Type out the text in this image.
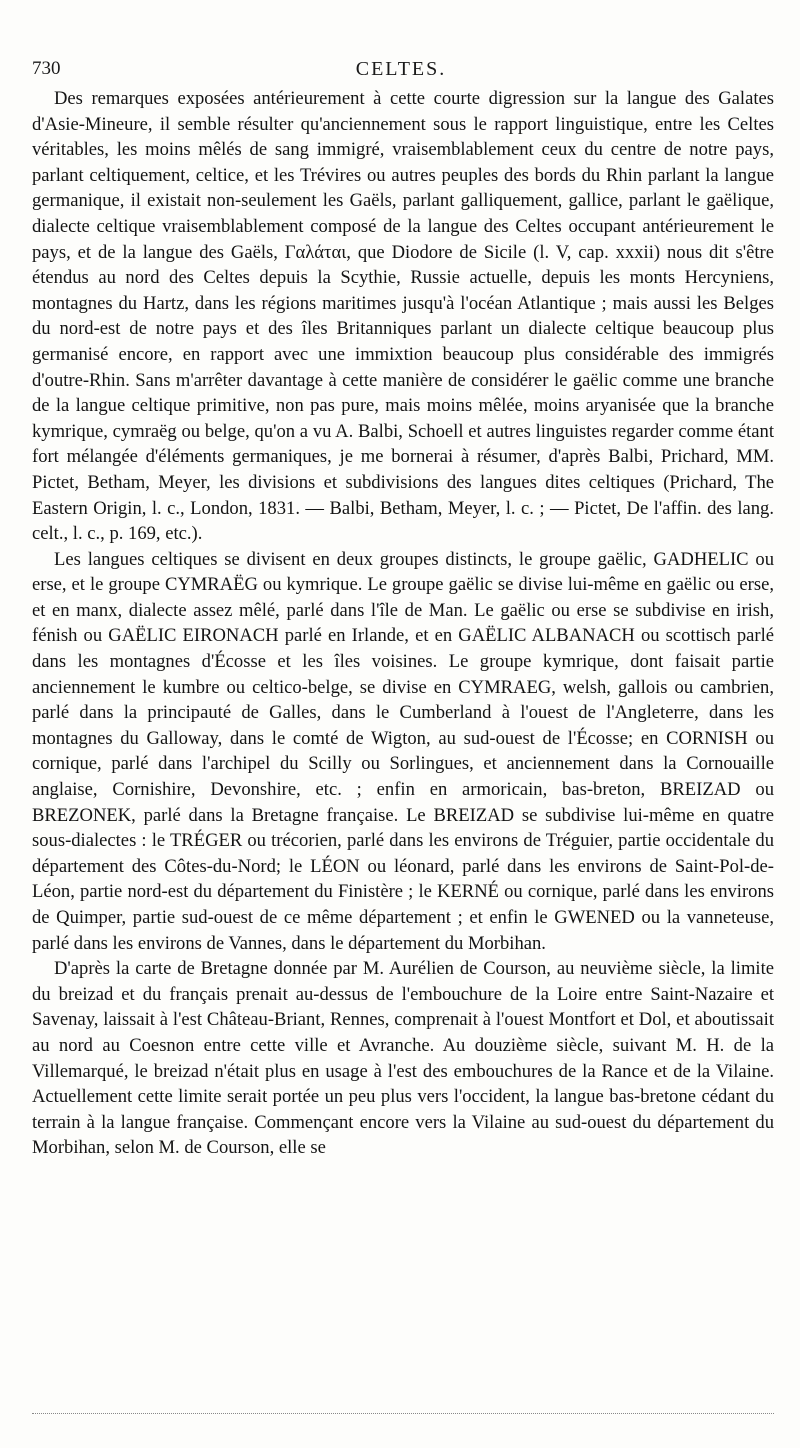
730	CELTES.

Des remarques exposées antérieurement à cette courte digression sur la langue des Galates d'Asie-Mineure, il semble résulter qu'anciennement sous le rapport linguistique, entre les Celtes véritables, les moins mêlés de sang immigré, vraisemblablement ceux du centre de notre pays, parlant celtiquement, celtice, et les Trévires ou autres peuples des bords du Rhin parlant la langue germanique, il existait non-seulement les Gaëls, parlant galliquement, gallice, parlant le gaëlique, dialecte celtique vraisemblablement composé de la langue des Celtes occupant antérieurement le pays, et de la langue des Gaëls, Γαλάται, que Diodore de Sicile (l. V, cap. xxxii) nous dit s'être étendus au nord des Celtes depuis la Scythie, Russie actuelle, depuis les monts Hercyniens, montagnes du Hartz, dans les régions maritimes jusqu'à l'océan Atlantique ; mais aussi les Belges du nord-est de notre pays et des îles Britanniques parlant un dialecte celtique beaucoup plus germanisé encore, en rapport avec une immixtion beaucoup plus considérable des immigrés d'outre-Rhin. Sans m'arrêter davantage à cette manière de considérer le gaëlic comme une branche de la langue celtique primitive, non pas pure, mais moins mêlée, moins aryanisée que la branche kymrique, cymraëg ou belge, qu'on a vu A. Balbi, Schoell et autres linguistes regarder comme étant fort mélangée d'éléments germaniques, je me bornerai à résumer, d'après Balbi, Prichard, MM. Pictet, Betham, Meyer, les divisions et subdivisions des langues dites celtiques (Prichard, The Eastern Origin, l. c., London, 1831. — Balbi, Betham, Meyer, l. c. ; — Pictet, De l'affin. des lang. celt., l. c., p. 169, etc.).

Les langues celtiques se divisent en deux groupes distincts, le groupe gaëlic, GADHELIC ou erse, et le groupe CYMRAËG ou kymrique. Le groupe gaëlic se divise lui-même en gaëlic ou erse, et en manx, dialecte assez mêlé, parlé dans l'île de Man. Le gaëlic ou erse se subdivise en irish, fénish ou GAËLIC EIRONACH parlé en Irlande, et en GAËLIC ALBANACH ou scottisch parlé dans les montagnes d'Écosse et les îles voisines. Le groupe kymrique, dont faisait partie anciennement le kumbre ou celtico-belge, se divise en CYMRAEG, welsh, gallois ou cambrien, parlé dans la principauté de Galles, dans le Cumberland à l'ouest de l'Angleterre, dans les montagnes du Galloway, dans le comté de Wigton, au sud-ouest de l'Écosse; en CORNISH ou cornique, parlé dans l'archipel du Scilly ou Sorlingues, et anciennement dans la Cornouaille anglaise, Cornishire, Devonshire, etc. ; enfin en armoricain, bas-breton, BREIZAD ou BREZONEK, parlé dans la Bretagne française. Le BREIZAD se subdivise lui-même en quatre sous-dialectes : le TRÉGER ou trécorien, parlé dans les environs de Tréguier, partie occidentale du département des Côtes-du-Nord; le LÉON ou léonard, parlé dans les environs de Saint-Pol-de-Léon, partie nord-est du département du Finistère ; le KERNÉ ou cornique, parlé dans les environs de Quimper, partie sud-ouest de ce même département ; et enfin le GWENED ou la vanneteuse, parlé dans les environs de Vannes, dans le département du Morbihan.

D'après la carte de Bretagne donnée par M. Aurélien de Courson, au neuvième siècle, la limite du breizad et du français prenait au-dessus de l'embouchure de la Loire entre Saint-Nazaire et Savenay, laissait à l'est Château-Briant, Rennes, comprenait à l'ouest Montfort et Dol, et aboutissait au nord au Coesnon entre cette ville et Avranche. Au douzième siècle, suivant M. H. de la Villemarqué, le breizad n'était plus en usage à l'est des embouchures de la Rance et de la Vilaine. Actuellement cette limite serait portée un peu plus vers l'occident, la langue bas-bretone cédant du terrain à la langue française. Commençant encore vers la Vilaine au sud-ouest du département du Morbihan, selon M. de Courson, elle se
